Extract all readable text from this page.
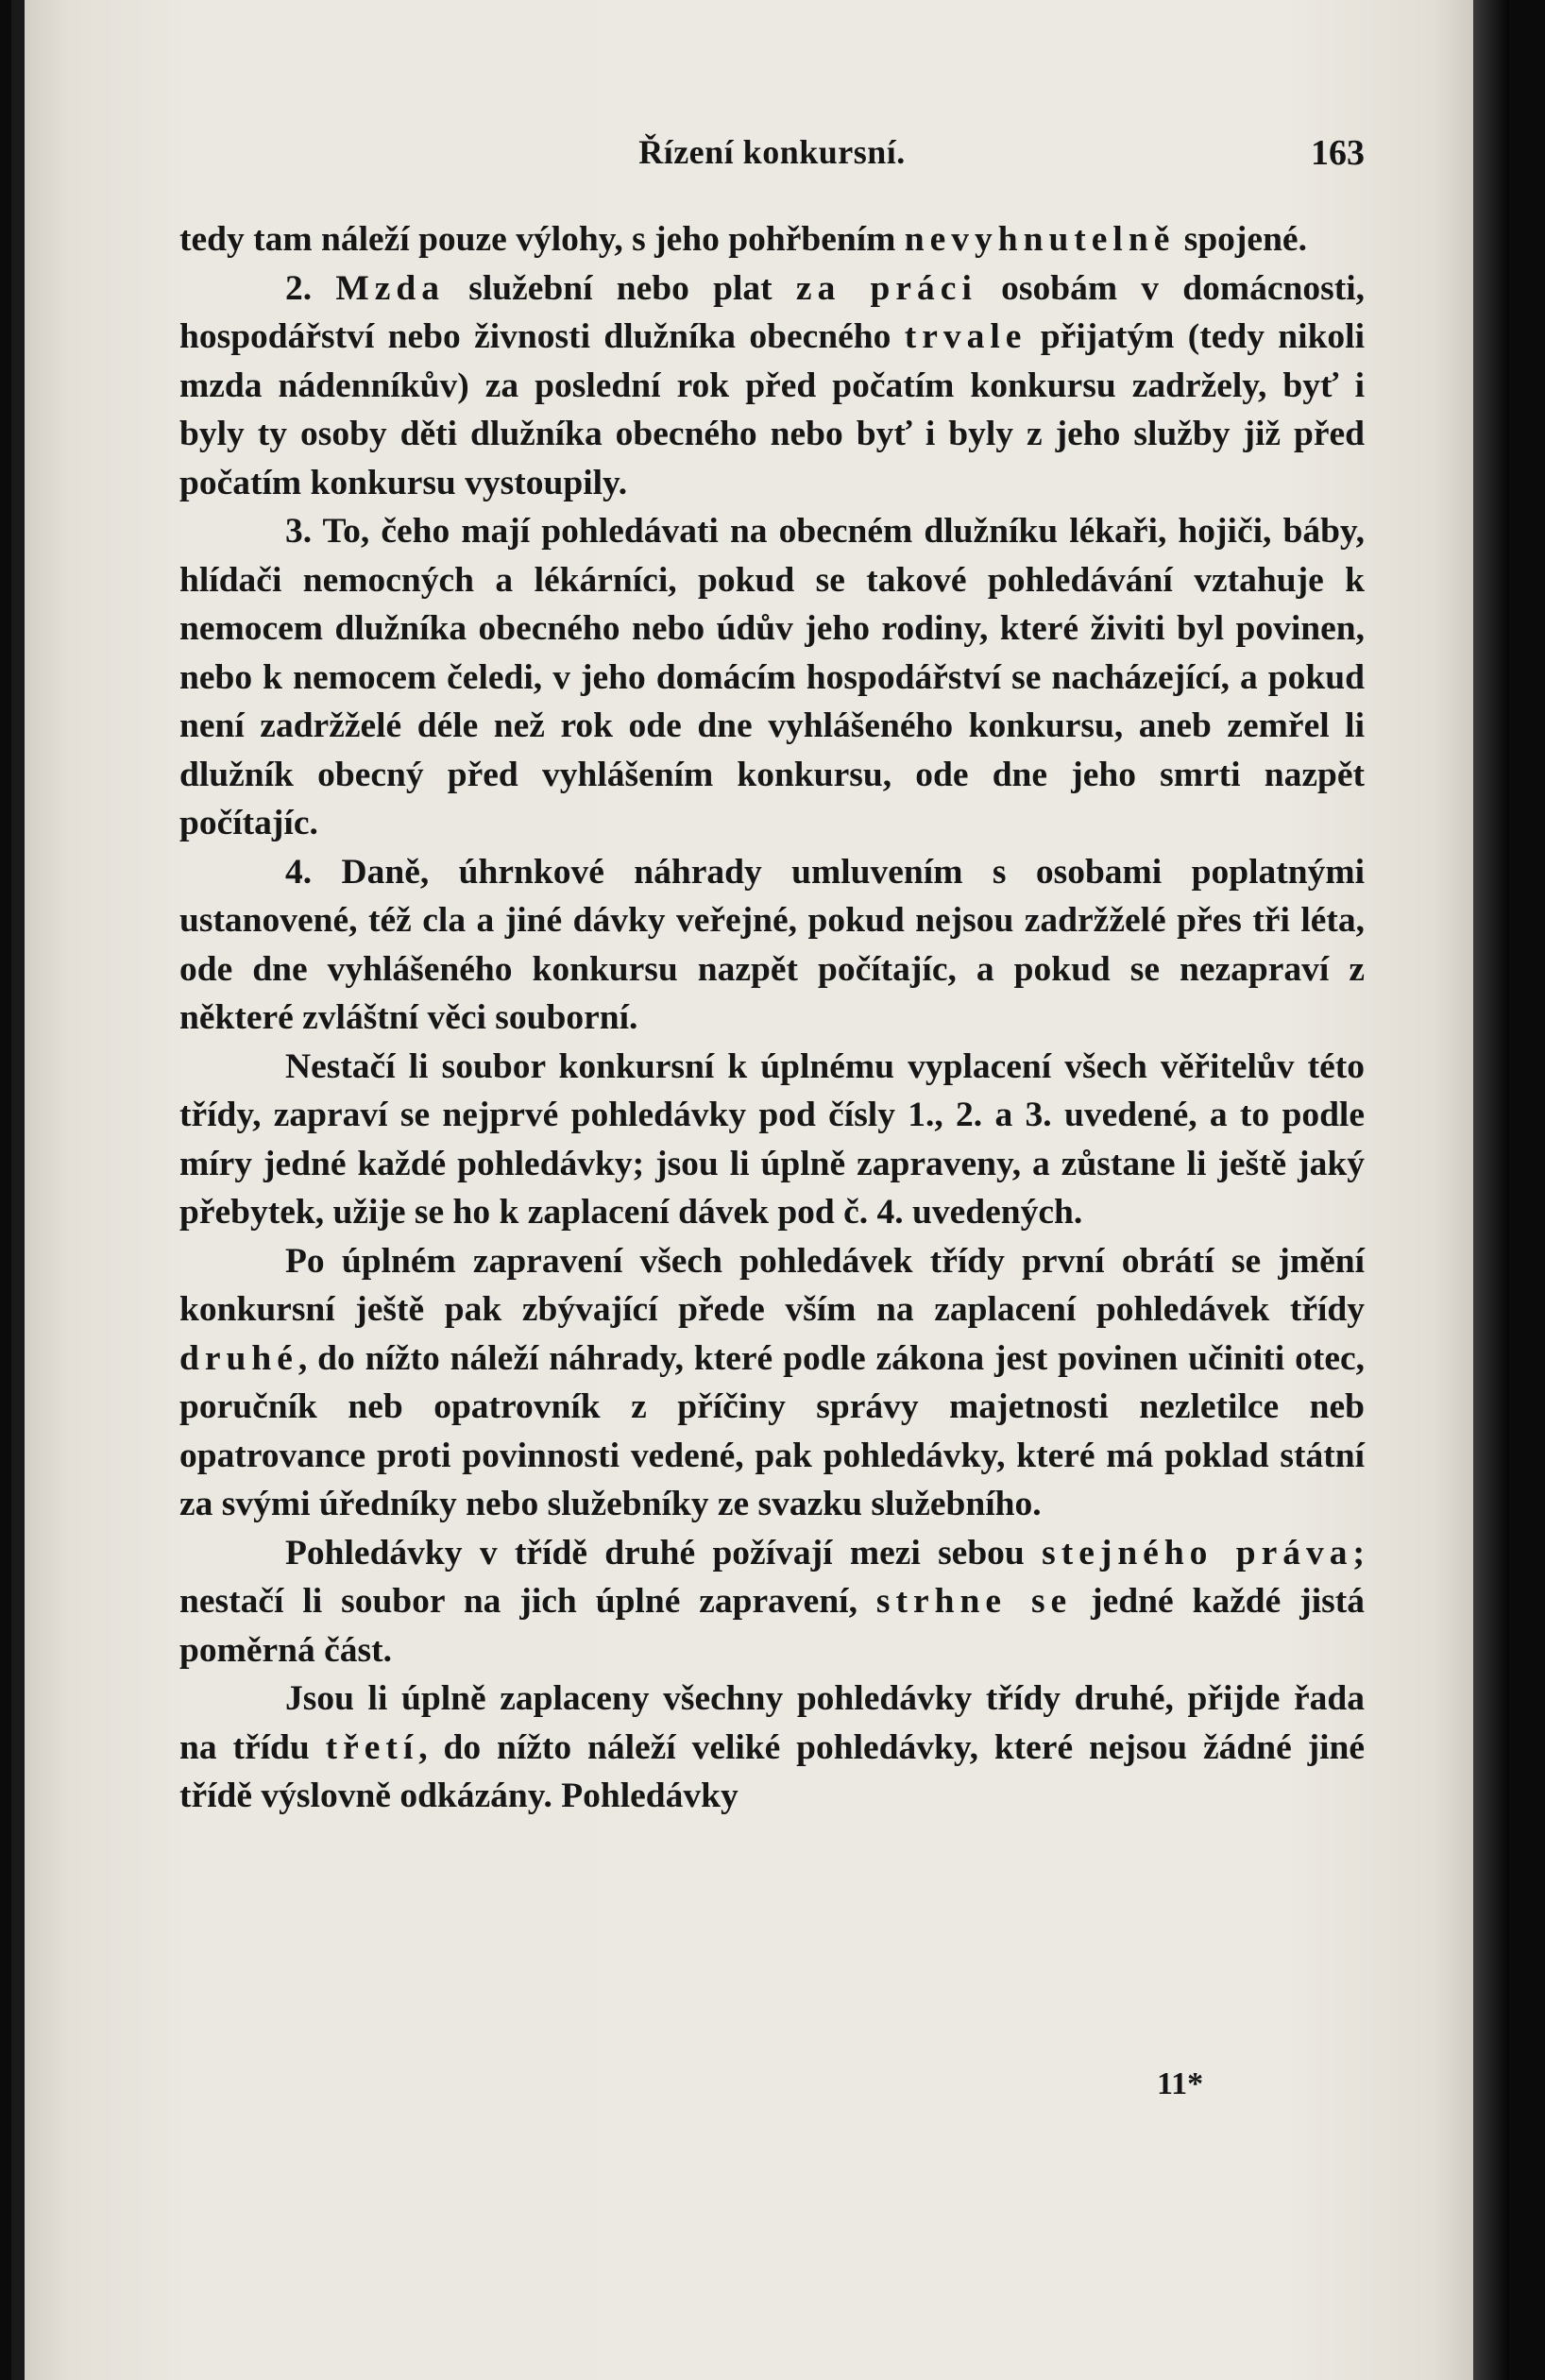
Řízení konkursní.	163

tedy tam náleží pouze výlohy, s jeho pohřbením nevyhnutelně spojené.

2. Mzda služební nebo plat za práci osobám v domácnosti, hospodářství nebo živnosti dlužníka obecného trvale přijatým (tedy nikoli mzda nádenníkův) za poslední rok před počatím konkursu zadržely, byť i byly ty osoby děti dlužníka obecného nebo byť i byly z jeho služby již před počatím konkursu vystoupily.

3. To, čeho mají pohledávati na obecném dlužníku lékaři, hojiči, báby, hlídači nemocných a lékárníci, pokud se takové pohledávání vztahuje k nemocem dlužníka obecného nebo údův jeho rodiny, které živiti byl povinen, nebo k nemocem čeledi, v jeho domácím hospodářství se nacházející, a pokud není zadržželé déle než rok ode dne vyhlášeného konkursu, aneb zemřel li dlužník obecný před vyhlášením konkursu, ode dne jeho smrti nazpět počítajíc.

4. Daně, úhrnkové náhrady umluvením s osobami poplatnými ustanovené, též cla a jiné dávky veřejné, pokud nejsou zadržželé přes tři léta, ode dne vyhlášeného konkursu nazpět počítajíc, a pokud se nezapraví z některé zvláštní věci souborní.

Nestačí li soubor konkursní k úplnému vyplacení všech věřitelův této třídy, zapraví se nejprvé pohledávky pod čísly 1., 2. a 3. uvedené, a to podle míry jedné každé pohledávky; jsou li úplně zapraveny, a zůstane li ještě jaký přebytek, užije se ho k zaplacení dávek pod č. 4. uvedených.

Po úplném zapravení všech pohledávek třídy první obrátí se jmění konkursní ještě pak zbývající přede vším na zaplacení pohledávek třídy druhé, do nížto náleží náhrady, které podle zákona jest povinen učiniti otec, poručník neb opatrovník z příčiny správy majetnosti nezletilce neb opatrovance proti povinnosti vedené, pak pohledávky, které má poklad státní za svými úředníky nebo služebníky ze svazku služebního.

Pohledávky v třídě druhé požívají mezi sebou stejného práva; nestačí li soubor na jich úplné zapravení, strhne se jedné každé jistá poměrná část.

Jsou li úplně zaplaceny všechny pohledávky třídy druhé, přijde řada na třídu třetí, do nížto náleží veliké pohledávky, které nejsou žádné jiné třídě výslovně odkázány. Pohledávky

11*
